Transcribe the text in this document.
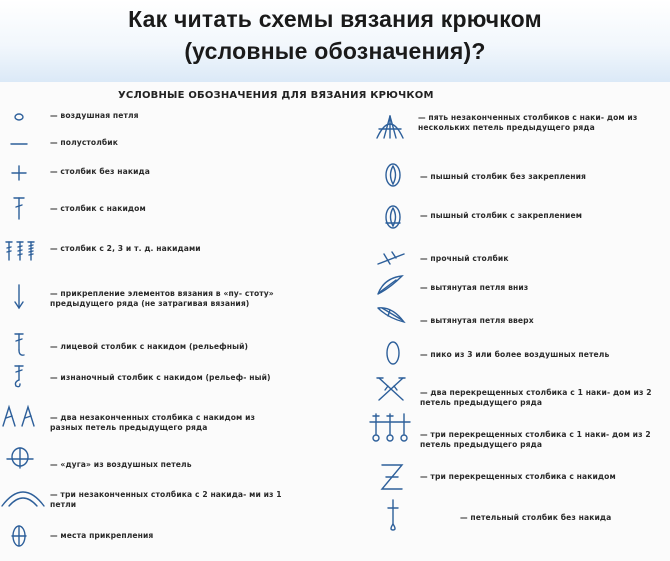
Как читать схемы вязания крючком
(условные обозначения)?
УСЛОВНЫЕ ОБОЗНАЧЕНИЯ ДЛЯ ВЯЗАНИЯ КРЮЧКОМ
— воздушная петля
— полустолбик
— столбик без накида
— столбик с накидом
— столбик с 2, 3 и т. д. накидами
— прикрепление элементов вязания в «пу- стоту» предыдущего ряда (не затрагивая вязания)
— лицевой столбик с накидом (рельефный)
— изнаночный столбик с накидом (рельеф- ный)
— два незаконченных столбика с накидом из разных петель предыдущего ряда
— «дуга» из воздушных петель
— три незаконченных столбика с 2 накида- ми из 1 петли
— места прикрепления
— пять незаконченных столбиков с наки- дом из нескольких петель предыдущего ряда
— пышный столбик без закрепления
— пышный столбик с закреплением
— прочный столбик
— вытянутая петля вниз
— вытянутая петля вверх
— пико из 3 или более воздушных петель
— два перекрещенных столбика с 1 наки- дом из 2 петель предыдущего ряда
— три перекрещенных столбика с 1 наки- дом из 2 петель предыдущего ряда
— три перекрещенных столбика с накидом
— петельный столбик без накида
